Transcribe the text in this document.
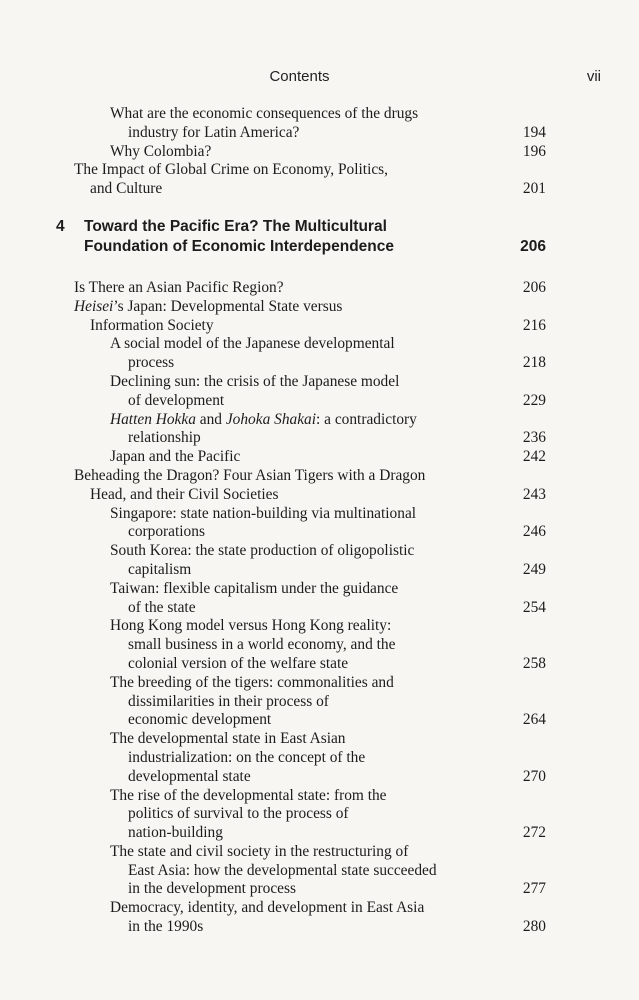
Contents	vii
What are the economic consequences of the drugs
industry for Latin America?	194
Why Colombia?	196
The Impact of Global Crime on Economy, Politics,
and Culture	201
4	Toward the Pacific Era? The Multicultural
Foundation of Economic Interdependence	206
Is There an Asian Pacific Region?	206
Heisei’s Japan: Developmental State versus
Information Society	216
A social model of the Japanese developmental
process	218
Declining sun: the crisis of the Japanese model
of development	229
Hatten Hokka and Johoka Shakai: a contradictory
relationship	236
Japan and the Pacific	242
Beheading the Dragon? Four Asian Tigers with a Dragon
Head, and their Civil Societies	243
Singapore: state nation-building via multinational
corporations	246
South Korea: the state production of oligopolistic
capitalism	249
Taiwan: flexible capitalism under the guidance
of the state	254
Hong Kong model versus Hong Kong reality:
small business in a world economy, and the
colonial version of the welfare state	258
The breeding of the tigers: commonalities and
dissimilarities in their process of
economic development	264
The developmental state in East Asian
industrialization: on the concept of the
developmental state	270
The rise of the developmental state: from the
politics of survival to the process of
nation-building	272
The state and civil society in the restructuring of
East Asia: how the developmental state succeeded
in the development process	277
Democracy, identity, and development in East Asia
in the 1990s	280
